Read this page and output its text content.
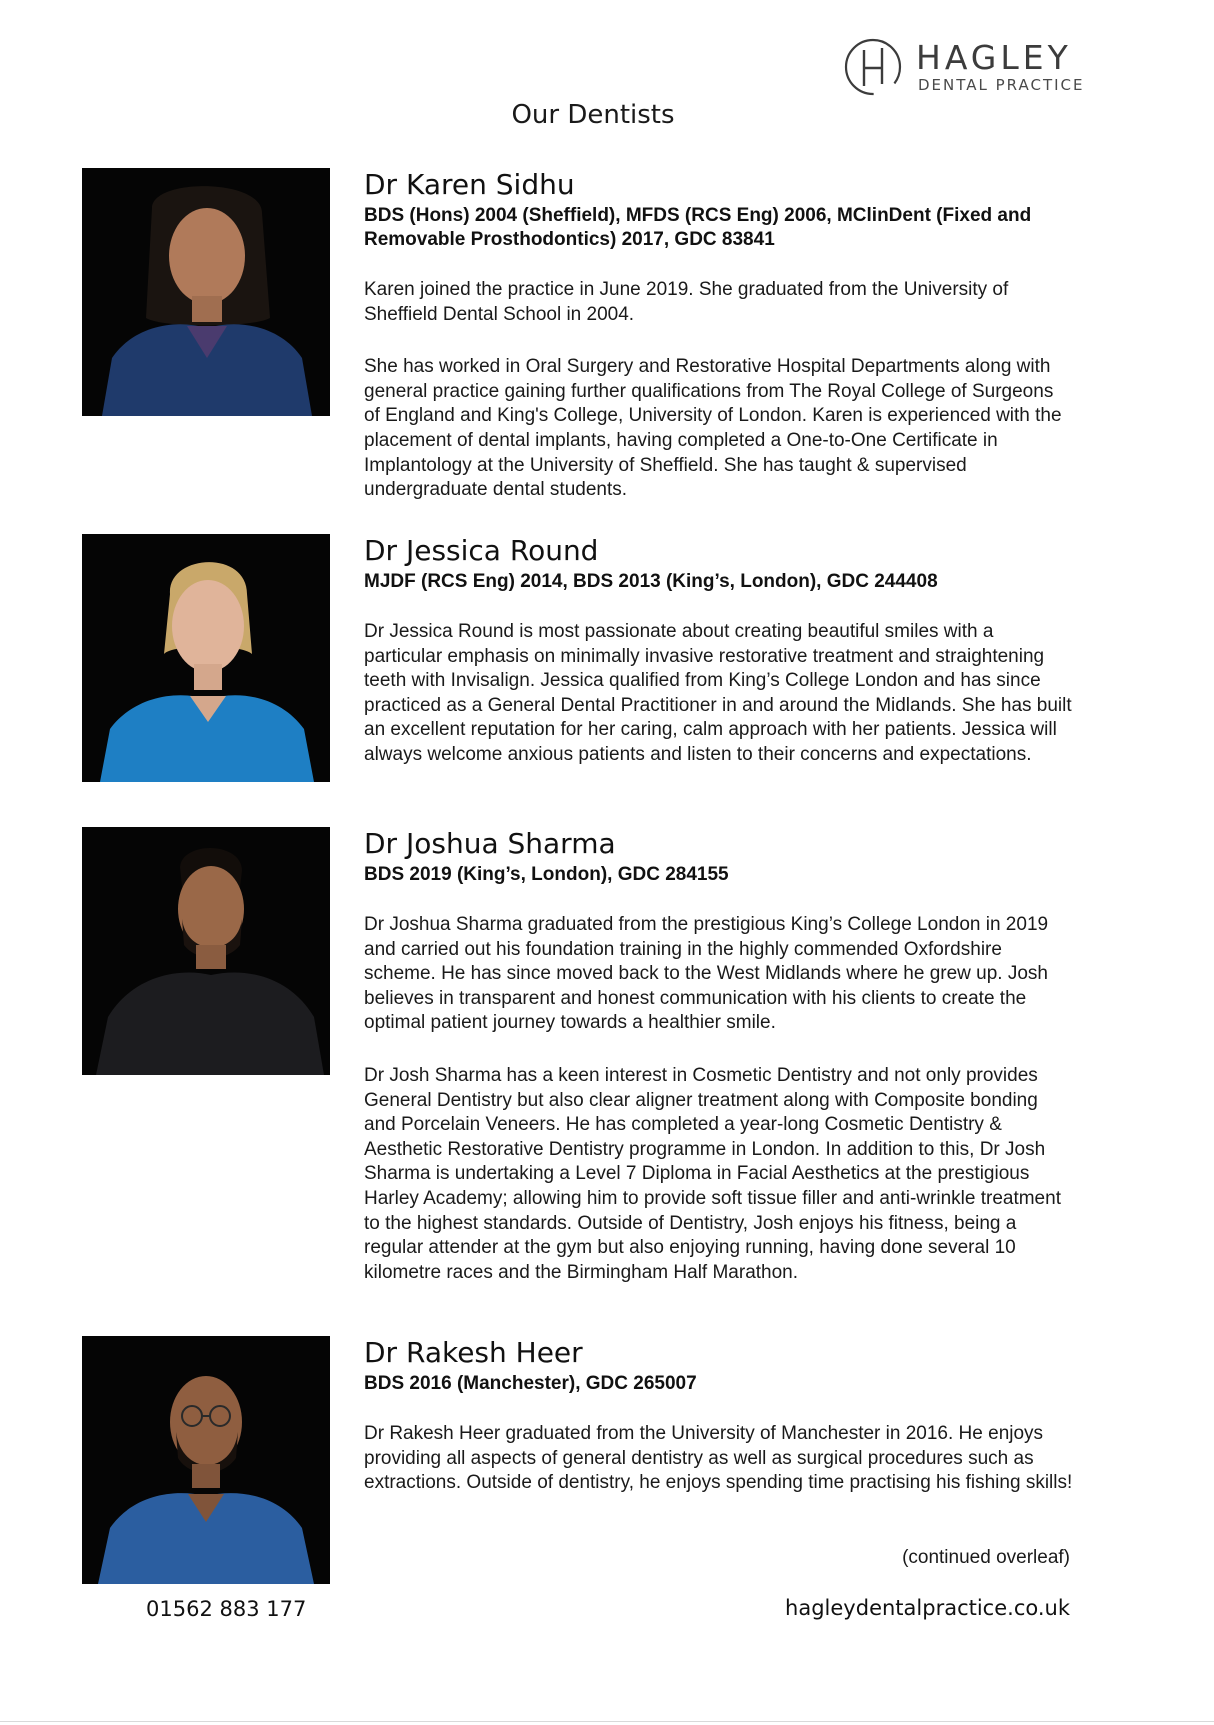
HAGLEY
DENTAL PRACTICE
Our Dentists
Dr Karen Sidhu

BDS (Hons) 2004 (Sheffield), MFDS (RCS Eng) 2006, MClinDent (Fixed and Removable Prosthodontics) 2017, GDC 83841

Karen joined the practice in June 2019. She graduated from the University of Sheffield Dental School in 2004.

She has worked in Oral Surgery and Restorative Hospital Departments along with general practice gaining further qualifications from The Royal College of Surgeons of England and King's College, University of London. Karen is experienced with the placement of dental implants, having completed a One-to-One Certificate in Implantology at the University of Sheffield. She has taught & supervised undergraduate dental students.

Dr Jessica Round

MJDF (RCS Eng) 2014, BDS 2013 (King’s, London), GDC 244408

Dr Jessica Round is most passionate about creating beautiful smiles with a particular emphasis on minimally invasive restorative treatment and straightening teeth with Invisalign. Jessica qualified from King’s College London and has since practiced as a General Dental Practitioner in and around the Midlands. She has built an excellent reputation for her caring, calm approach with her patients. Jessica will always welcome anxious patients and listen to their concerns and expectations.

Dr Joshua Sharma

BDS 2019 (King’s, London), GDC 284155

Dr Joshua Sharma graduated from the prestigious King’s College London in 2019 and carried out his foundation training in the highly commended Oxfordshire scheme. He has since moved back to the West Midlands where he grew up. Josh believes in transparent and honest communication with his clients to create the optimal patient journey towards a healthier smile.

Dr Josh Sharma has a keen interest in Cosmetic Dentistry and not only provides General Dentistry but also clear aligner treatment along with Composite bonding and Porcelain Veneers. He has completed a year-long Cosmetic Dentistry & Aesthetic Restorative Dentistry programme in London. In addition to this, Dr Josh Sharma is undertaking a Level 7 Diploma in Facial Aesthetics at the prestigious Harley Academy; allowing him to provide soft tissue filler and anti-wrinkle treatment to the highest standards. Outside of Dentistry, Josh enjoys his fitness, being a regular attender at the gym but also enjoying running, having done several 10 kilometre races and the Birmingham Half Marathon.

Dr Rakesh Heer

BDS 2016 (Manchester), GDC 265007

Dr Rakesh Heer graduated from the University of Manchester in 2016. He enjoys providing all aspects of general dentistry as well as surgical procedures such as extractions. Outside of dentistry, he enjoys spending time practising his fishing skills!

(continued overleaf)
01562 883 177	hagleydentalpractice.co.uk
